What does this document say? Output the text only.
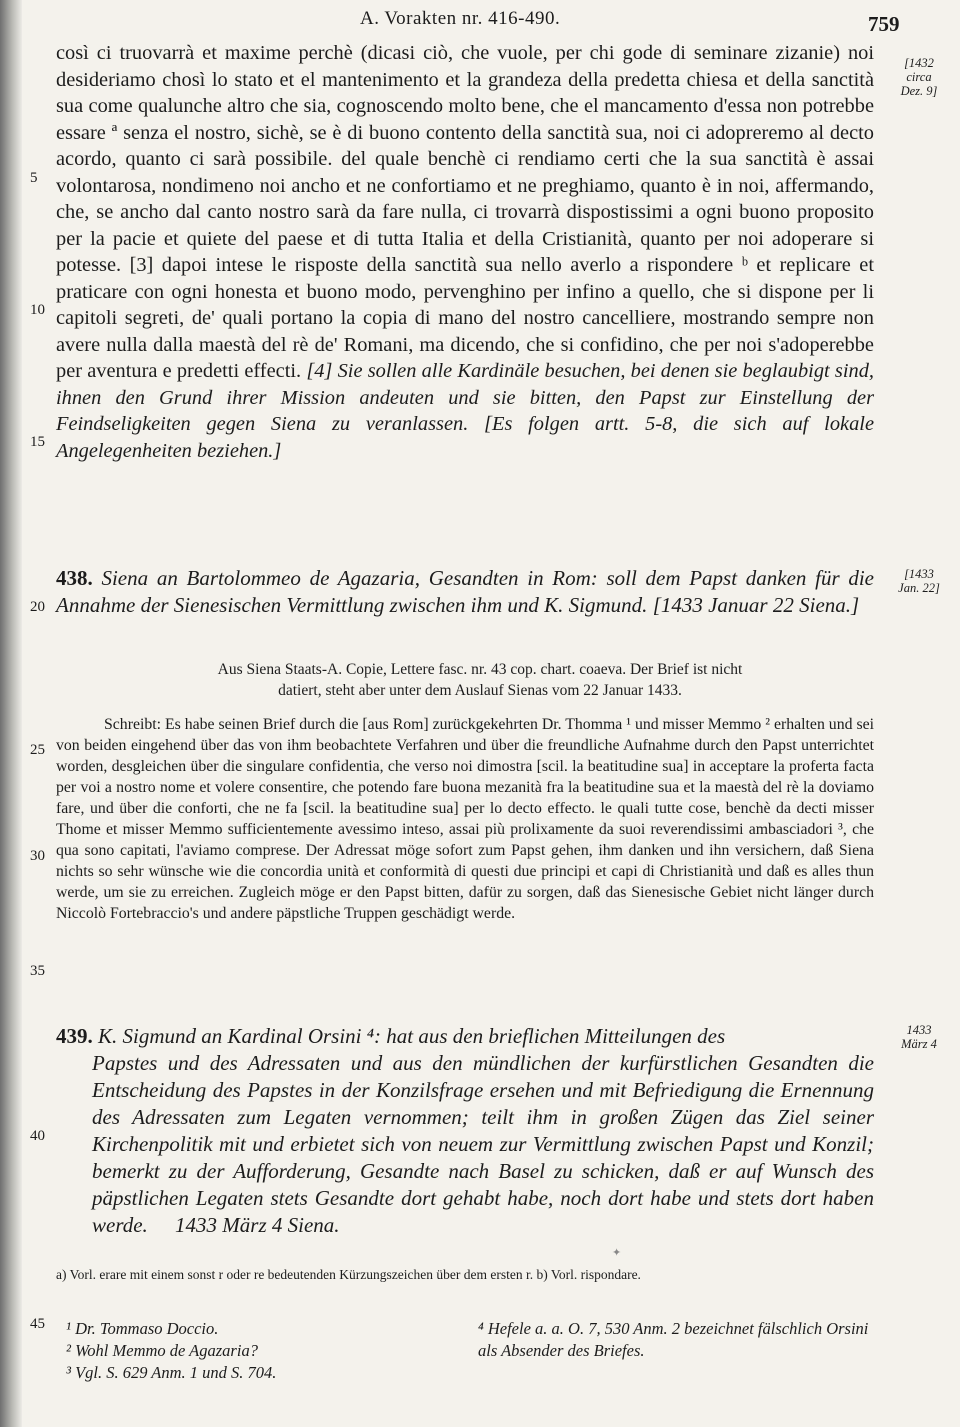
A. Vorakten nr. 416-490.	759
5
10
15
20
25
30
35
40
45
[1432
circa
Dez. 9]
[1433
Jan. 22]
1433
März 4

così ci truovarrà et maxime perchè (dicasi ciò, che vuole, per chi gode di seminare zizanie) noi desideriamo chosì lo stato et el mantenimento et la grandeza della predetta chiesa et della sanctità sua come qualunche altro che sia, cognoscendo molto bene, che el mancamento d'essa non potrebbe essare ª senza el nostro, sichè, se è di buono contento della sanctità sua, noi ci adopreremo al decto acordo, quanto ci sarà possibile. del quale benchè ci rendiamo certi che la sua sanctità è assai volontarosa, nondimeno noi ancho et ne confortiamo et ne preghiamo, quanto è in noi, affermando, che, se ancho dal canto nostro sarà da fare nulla, ci trovarrà dispostissimi a ogni buono proposito per la pacie et quiete del paese et di tutta Italia et della Cristianità, quanto per noi adoperare si potesse. [3] dapoi intese le risposte della sanctità sua nello averlo a rispondere ᵇ et replicare et praticare con ogni honesta et buono modo, pervenghino per infino a quello, che si dispone per li capitoli segreti, de' quali portano la copia di mano del nostro cancelliere, mostrando sempre non avere nulla dalla maestà del rè de' Romani, ma dicendo, che si confidino, che per noi s'adoperebbe per aventura e predetti effecti. [4] Sie sollen alle Kardinäle besuchen, bei denen sie beglaubigt sind, ihnen den Grund ihrer Mission andeuten und sie bitten, den Papst zur Einstellung der Feindseligkeiten gegen Siena zu veranlassen. [Es folgen artt. 5-8, die sich auf lokale Angelegenheiten beziehen.]

438. Siena an Bartolommeo de Agazaria, Gesandten in Rom: soll dem Papst danken für die Annahme der Sienesischen Vermittlung zwischen ihm und K. Sigmund. [1433 Januar 22 Siena.]
Aus Siena Staats-A. Copie, Lettere fasc. nr. 43 cop. chart. coaeva. Der Brief ist nicht
datiert, steht aber unter dem Auslauf Sienas vom 22 Januar 1433.

Schreibt: Es habe seinen Brief durch die [aus Rom] zurückgekehrten Dr. Thomma ¹ und misser Memmo ² erhalten und sei von beiden eingehend über das von ihm beobachtete Verfahren und über die freundliche Aufnahme durch den Papst unterrichtet worden, desgleichen über die singulare confidentia, che verso noi dimostra [scil. la beatitudine sua] in acceptare la proferta facta per voi a nostro nome et volere consentire, che potendo fare buona mezanità fra la beatitudine sua et la maestà del rè la doviamo fare, und über die conforti, che ne fa [scil. la beatitudine sua] per lo decto effecto. le quali tutte cose, benchè da decti misser Thome et misser Memmo sufficientemente avessimo inteso, assai più prolixamente da suoi reverendissimi ambasciadori ³, che qua sono capitati, l'aviamo comprese. Der Adressat möge sofort zum Papst gehen, ihm danken und ihn versichern, daß Siena nichts so sehr wünsche wie die concordia unità et conformità di questi due principi et capi di Christianità und daß es alles thun werde, um sie zu erreichen. Zugleich möge er den Papst bitten, dafür zu sorgen, daß das Sienesische Gebiet nicht länger durch Niccolò Fortebraccio's und andere päpstliche Truppen geschädigt werde.

439. K. Sigmund an Kardinal Orsini ⁴: hat aus den brieflichen Mitteilungen des
Papstes und des Adressaten und aus den mündlichen der kurfürstlichen Gesandten die Entscheidung des Papstes in der Konzilsfrage ersehen und mit Befriedigung die Ernennung des Adressaten zum Legaten vernommen; teilt ihm in großen Zügen das Ziel seiner Kirchenpolitik mit und erbietet sich von neuem zur Vermittlung zwischen Papst und Konzil; bemerkt zu der Aufforderung, Gesandte nach Basel zu schicken, daß er auf Wunsch des päpstlichen Legaten stets Gesandte dort gehabt habe, noch dort habe und stets dort haben werde. 1433 März 4 Siena.
✦
a) Vorl. erare mit einem sonst r oder re bedeutenden Kürzungszeichen über dem ersten r. b) Vorl. rispondare.
¹ Dr. Tommaso Doccio.
² Wohl Memmo de Agazaria?
³ Vgl. S. 629 Anm. 1 und S. 704.
⁴ Hefele a. a. O. 7, 530 Anm. 2 bezeichnet fälschlich Orsini als Absender des Briefes.
